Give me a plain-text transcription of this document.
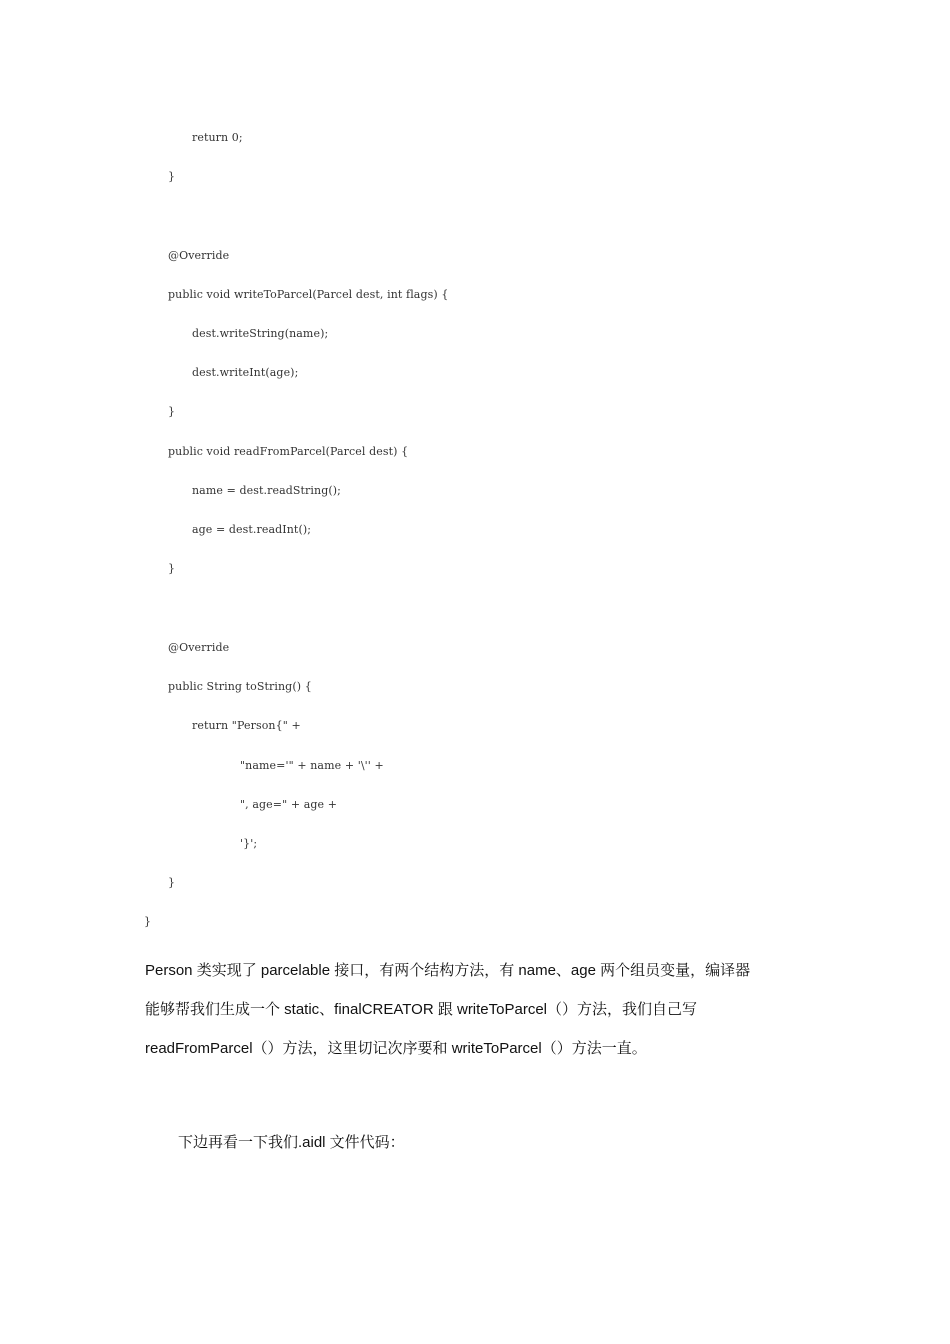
return 0;
}
@Override
public void writeToParcel(Parcel dest, int flags) {
dest.writeString(name);
dest.writeInt(age);
}
public void readFromParcel(Parcel dest) {
name = dest.readString();
age = dest.readInt();
}
@Override
public String toString() {
return "Person{" +
"name='" + name + '\'' +
", age=" + age +
'}';
}
}
Person 类实现了 parcelable 接口，有两个结构方法，有 name、age 两个组员变量，编译器
能够帮我们生成一个 static、finalCREATOR 跟 writeToParcel（）方法，我们自己写
readFromParcel（）方法，这里切记次序要和 writeToParcel（）方法一直。
下边再看一下我们.aidl 文件代码：
